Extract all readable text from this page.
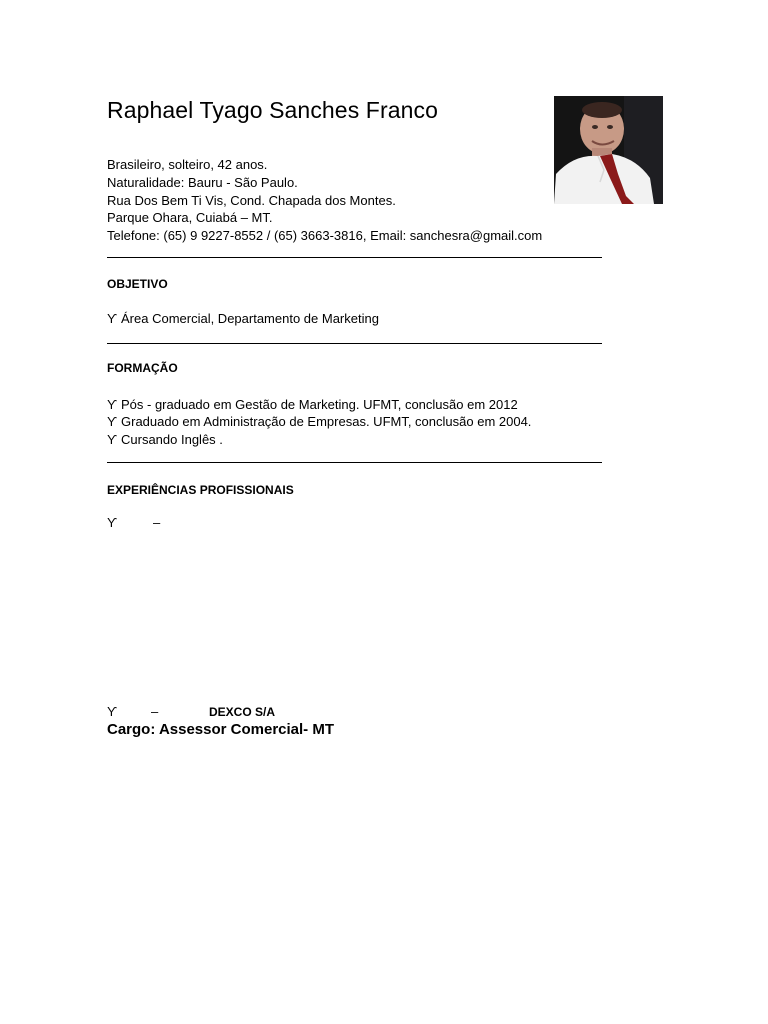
Raphael Tyago Sanches Franco
Brasileiro, solteiro, 42 anos.
Naturalidade: Bauru - São Paulo.
Rua Dos Bem Ti Vis, Cond. Chapada dos Montes.
Parque Ohara, Cuiabá – MT.
Telefone: (65) 9 9227-8552 / (65) 3663-3816, Email: sanchesra@gmail.com
OBJETIVO
ϒ Área Comercial, Departamento de Marketing
FORMAÇÃO
ϒ Pós - graduado em Gestão de Marketing. UFMT, conclusão em 2012
ϒ Graduado em Administração de Empresas. UFMT, conclusão em 2004.
ϒ Cursando Inglês .
EXPERIÊNCIAS PROFISSIONAIS
ϒ	–
ϒ	–	DEXCO S/A
Cargo: Assessor Comercial- MT
